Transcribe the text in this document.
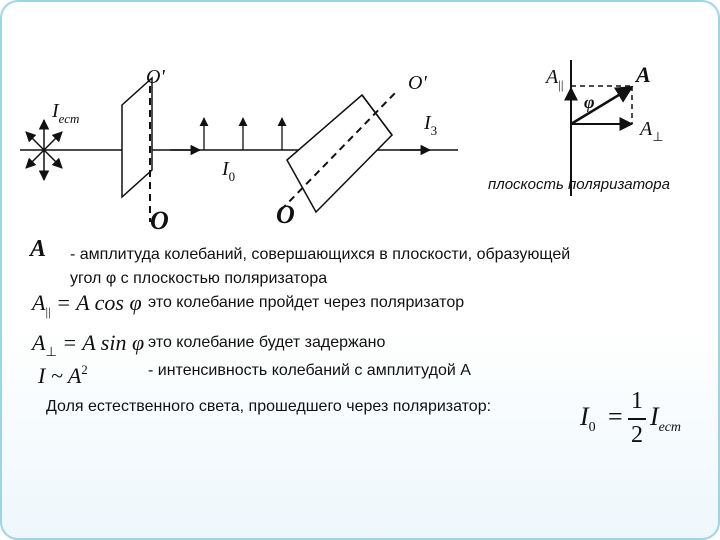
O'	O'
O	O
$I_{ест}$
$I_0$
$I_3$
$A_{||}$	A
$A_\perp$
φ
плоскость поляризатора
A - амплитуда колебаний, совершающихся в плоскости, образующей
угол φ с плоскостью поляризатора
$A_{||} = A$ cos φ это колебание пройдет через поляризатор
$A_\perp = A$ sin φ это колебание будет задержано
I ~ $A^2$	- интенсивность колебаний с амплитудой А
Доля естественного света, прошедшего через поляризатор:	$I_0$ =
1
2
$I_{ест}$
